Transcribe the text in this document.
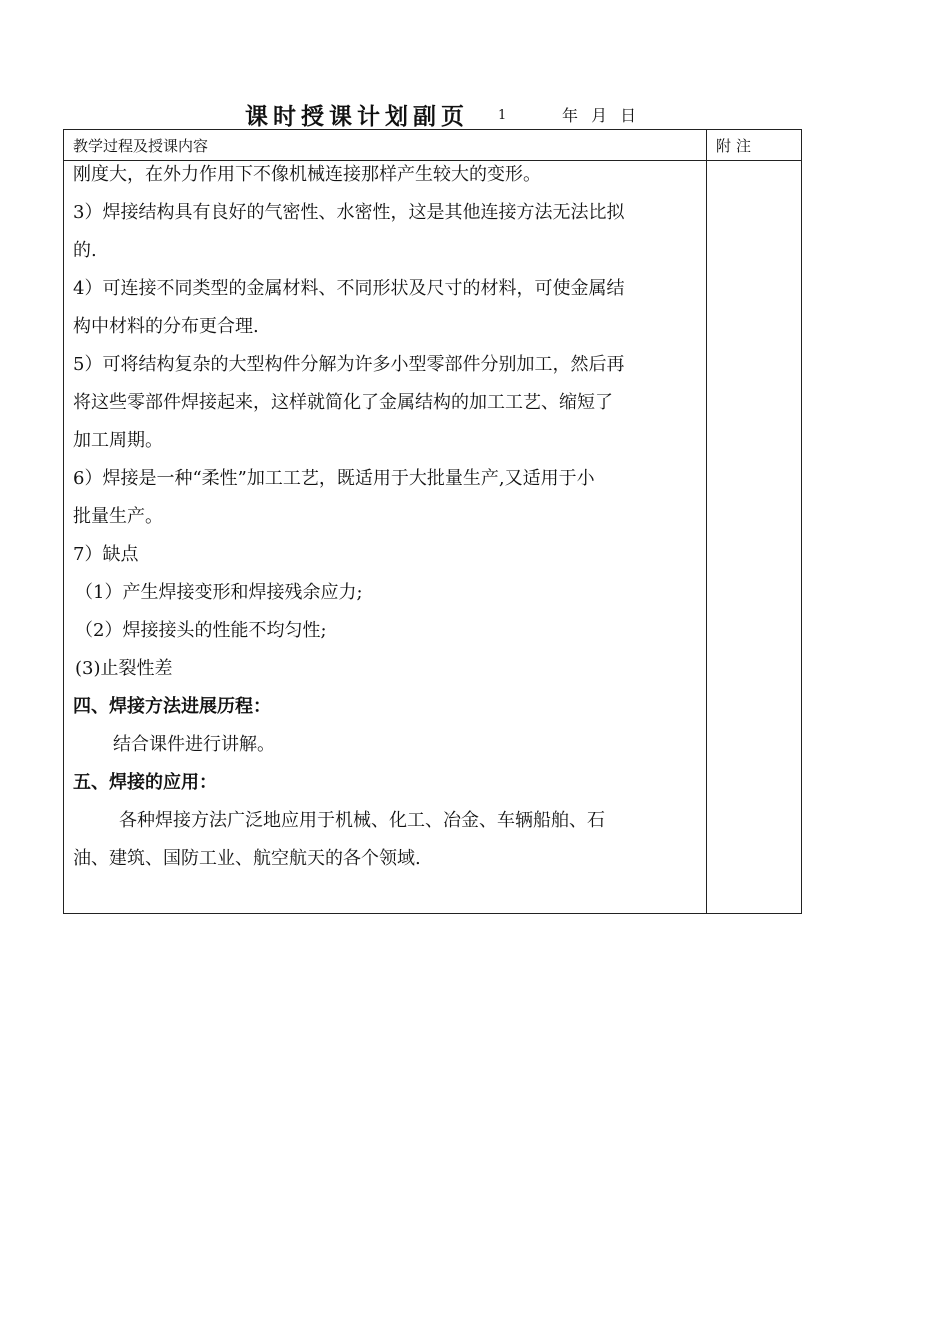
课时授课计划副页 1	年 月 日
教学过程及授课内容	附注
刚度大，在外力作用下不像机械连接那样产生较大的变形。
3）焊接结构具有良好的气密性、水密性，这是其他连接方法无法比拟
的.
4）可连接不同类型的金属材料、不同形状及尺寸的材料，可使金属结
构中材料的分布更合理.
5）可将结构复杂的大型构件分解为许多小型零部件分别加工，然后再
将这些零部件焊接起来，这样就简化了金属结构的加工工艺、缩短了
加工周期。
6）焊接是一种“柔性”加工工艺，既适用于大批量生产,又适用于小
批量生产。
7）缺点
（1）产生焊接变形和焊接残余应力;
（2）焊接接头的性能不均匀性;
(3)止裂性差
四、焊接方法进展历程：
结合课件进行讲解。
五、焊接的应用：
各种焊接方法广泛地应用于机械、化工、冶金、车辆船舶、石
油、建筑、国防工业、航空航天的各个领域.
